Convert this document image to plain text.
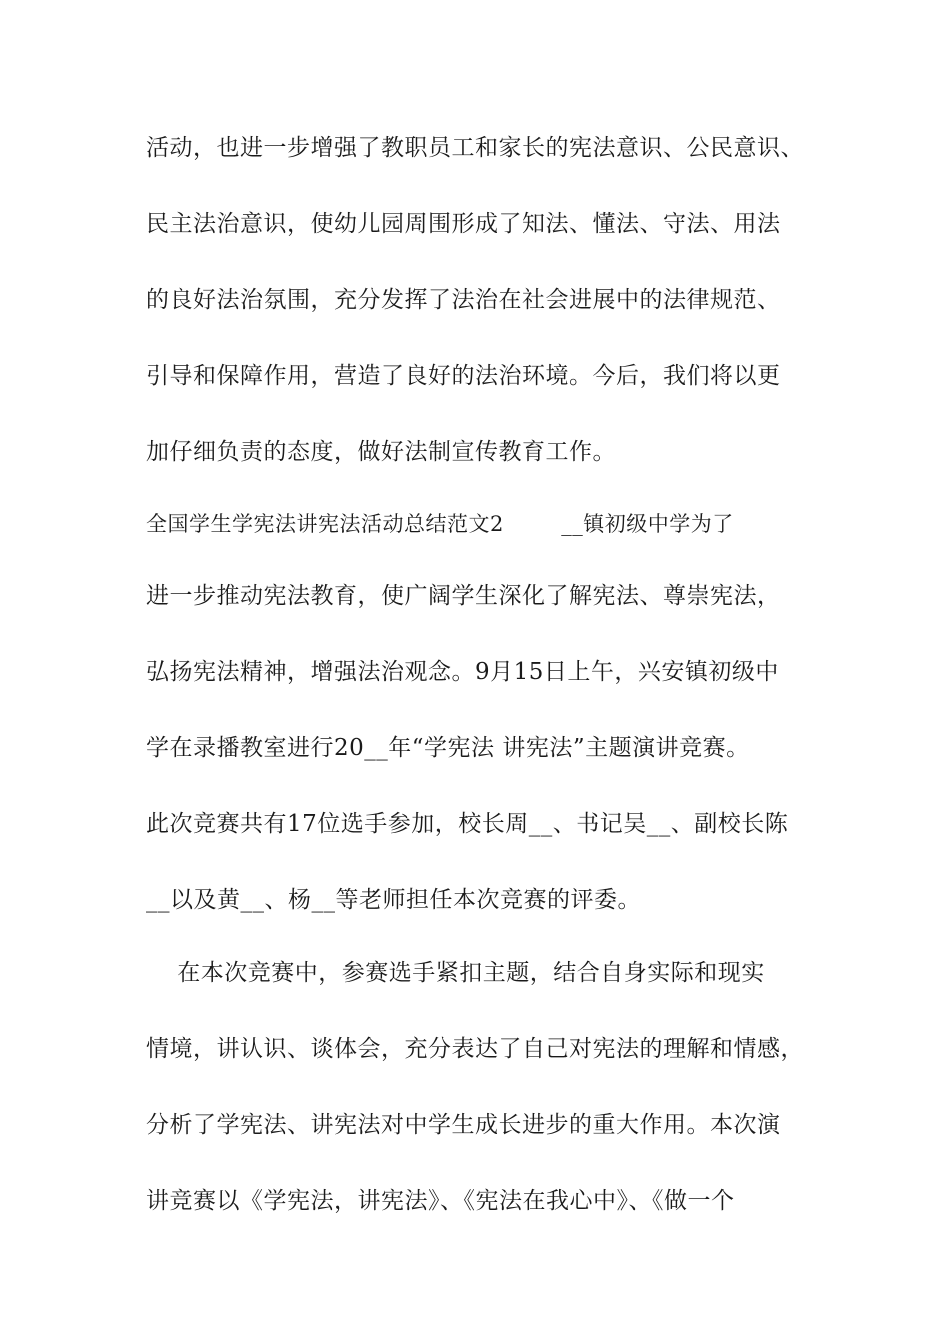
活动，也进一步增强了教职员工和家长的宪法意识、公民意识、
民主法治意识，使幼儿园周围形成了知法、懂法、守法、用法
的良好法治氛围，充分发挥了法治在社会进展中的法律规范、
引导和保障作用，营造了良好的法治环境。今后，我们将以更
加仔细负责的态度，做好法制宣传教育工作。
全国学生学宪法讲宪法活动总结范文2        __镇初级中学为了
进一步推动宪法教育，使广阔学生深化了解宪法、尊崇宪法，
弘扬宪法精神，增强法治观念。9月15日上午，兴安镇初级中
学在录播教室进行20__年“学宪法 讲宪法”主题演讲竞赛。
此次竞赛共有17位选手参加，校长周__、书记吴__、副校长陈
__以及黄__、杨__等老师担任本次竞赛的评委。
在本次竞赛中，参赛选手紧扣主题，结合自身实际和现实
情境，讲认识、谈体会，充分表达了自己对宪法的理解和情感，
分析了学宪法、讲宪法对中学生成长进步的重大作用。本次演
讲竞赛以《学宪法，讲宪法》、《宪法在我心中》、《做一个
